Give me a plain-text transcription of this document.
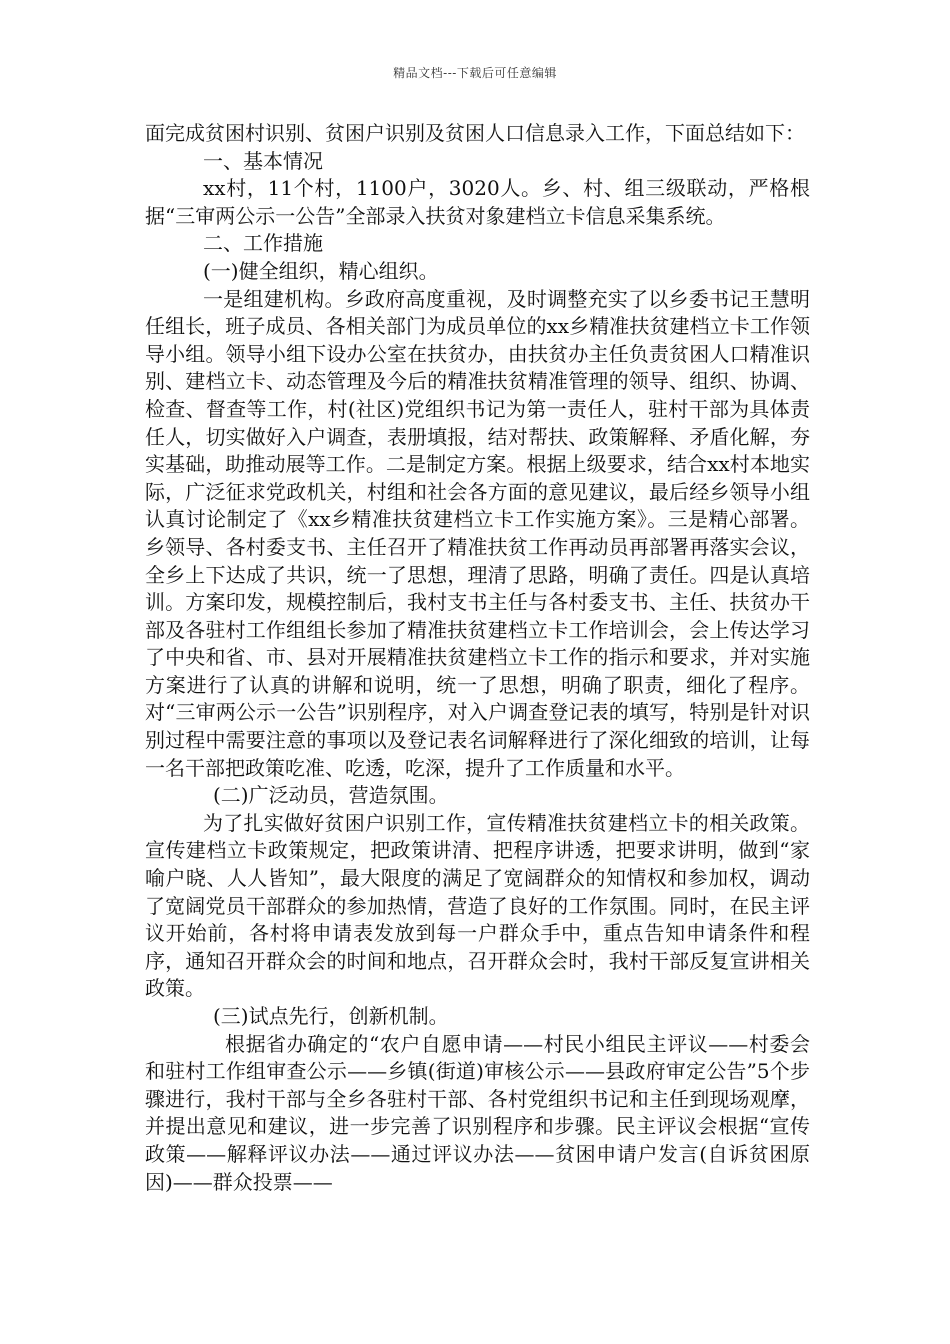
精品文档---下载后可任意编辑

面完成贫困村识别、贫困户识别及贫困人口信息录入工作，下面总结如下：

一、基本情况

xx村，11个村，1100户，3020人。乡、村、组三级联动，严格根据“三审两公示一公告”全部录入扶贫对象建档立卡信息采集系统。

二、工作措施

(一)健全组织，精心组织。

一是组建机构。乡政府高度重视，及时调整充实了以乡委书记王慧明任组长，班子成员、各相关部门为成员单位的xx乡精准扶贫建档立卡工作领导小组。领导小组下设办公室在扶贫办，由扶贫办主任负责贫困人口精准识别、建档立卡、动态管理及今后的精准扶贫精准管理的领导、组织、协调、检查、督查等工作，村(社区)党组织书记为第一责任人，驻村干部为具体责任人，切实做好入户调查，表册填报，结对帮扶、政策解释、矛盾化解，夯实基础，助推动展等工作。二是制定方案。根据上级要求，结合xx村本地实际，广泛征求党政机关，村组和社会各方面的意见建议，最后经乡领导小组认真讨论制定了《xx乡精准扶贫建档立卡工作实施方案》。三是精心部署。乡领导、各村委支书、主任召开了精准扶贫工作再动员再部署再落实会议，全乡上下达成了共识，统一了思想，理清了思路，明确了责任。四是认真培训。方案印发，规模控制后，我村支书主任与各村委支书、主任、扶贫办干部及各驻村工作组组长参加了精准扶贫建档立卡工作培训会，会上传达学习了中央和省、市、县对开展精准扶贫建档立卡工作的指示和要求，并对实施方案进行了认真的讲解和说明，统一了思想，明确了职责，细化了程序。对“三审两公示一公告”识别程序，对入户调查登记表的填写，特别是针对识别过程中需要注意的事项以及登记表名词解释进行了深化细致的培训，让每一名干部把政策吃准、吃透，吃深，提升了工作质量和水平。

(二)广泛动员，营造氛围。

为了扎实做好贫困户识别工作，宣传精准扶贫建档立卡的相关政策。宣传建档立卡政策规定，把政策讲清、把程序讲透，把要求讲明，做到“家喻户晓、人人皆知”，最大限度的满足了宽阔群众的知情权和参加权，调动了宽阔党员干部群众的参加热情，营造了良好的工作氛围。同时，在民主评议开始前，各村将申请表发放到每一户群众手中，重点告知申请条件和程序，通知召开群众会的时间和地点，召开群众会时，我村干部反复宣讲相关政策。

(三)试点先行，创新机制。

根据省办确定的“农户自愿申请——村民小组民主评议——村委会和驻村工作组审查公示——乡镇(街道)审核公示——县政府审定公告”5个步骤进行，我村干部与全乡各驻村干部、各村党组织书记和主任到现场观摩，并提出意见和建议，进一步完善了识别程序和步骤。民主评议会根据“宣传政策——解释评议办法——通过评议办法——贫困申请户发言(自诉贫困原因)——群众投票——
